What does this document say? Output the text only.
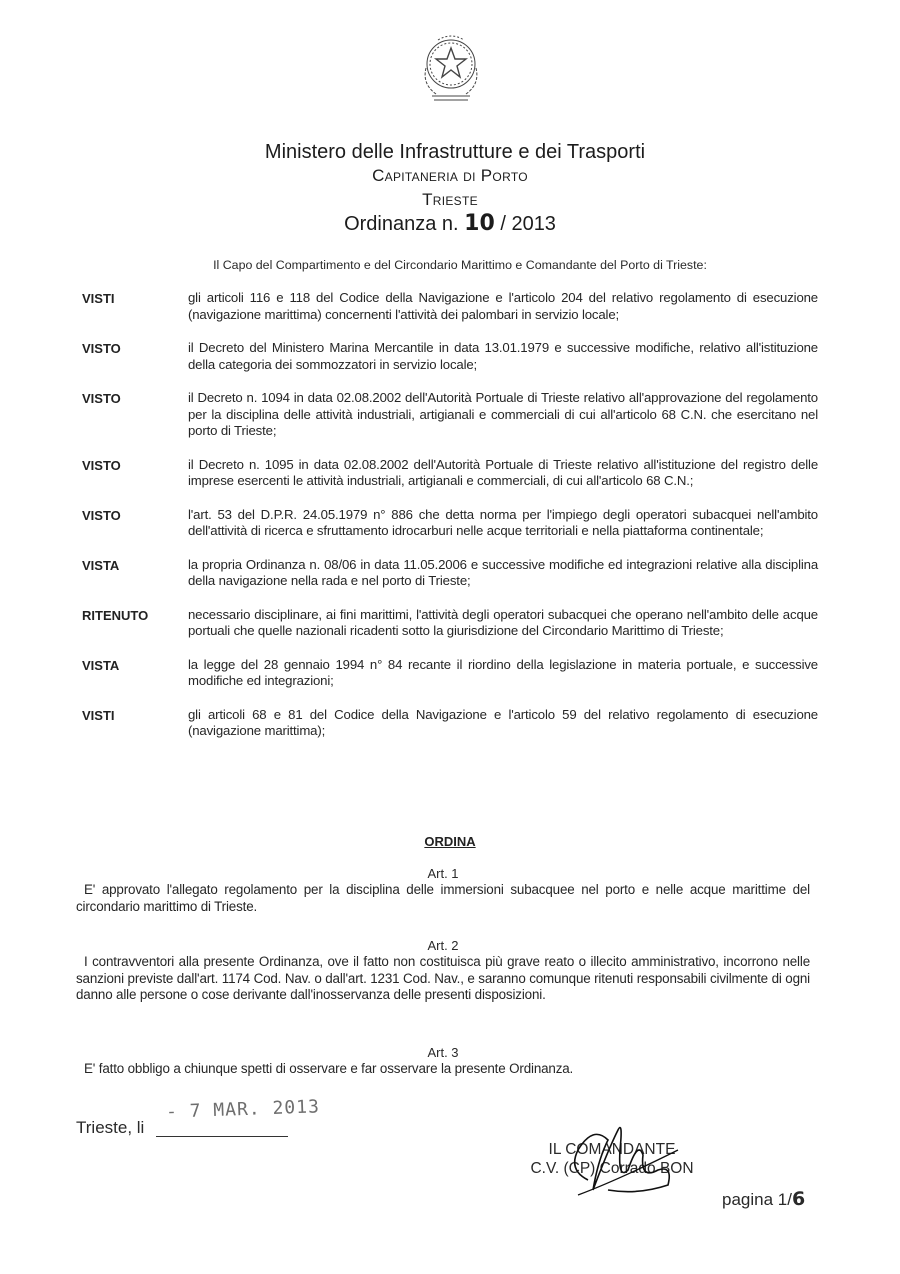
Ministero delle Infrastrutture e dei Trasporti
Capitaneria di Porto
Trieste
Ordinanza n. 10 / 2013
Il Capo del Compartimento e del Circondario Marittimo e Comandante del Porto di Trieste:
VISTI	gli articoli 116 e 118 del Codice della Navigazione e l'articolo 204 del relativo regolamento di esecuzione (navigazione marittima) concernenti l'attività dei palombari in servizio locale;
VISTO	il Decreto del Ministero Marina Mercantile in data 13.01.1979 e successive modifiche, relativo all'istituzione della categoria dei sommozzatori in servizio locale;
VISTO	il Decreto n. 1094 in data 02.08.2002 dell'Autorità Portuale di Trieste relativo all'approvazione del regolamento per la disciplina delle attività industriali, artigianali e commerciali di cui all'articolo 68 C.N. che esercitano nel porto di Trieste;
VISTO	il Decreto n. 1095 in data 02.08.2002 dell'Autorità Portuale di Trieste relativo all'istituzione del registro delle imprese esercenti le attività industriali, artigianali e commerciali, di cui all'articolo 68 C.N.;
VISTO	l'art. 53 del D.P.R. 24.05.1979 n° 886 che detta norma per l'impiego degli operatori subacquei nell'ambito dell'attività di ricerca e sfruttamento idrocarburi nelle acque territoriali e nella piattaforma continentale;
VISTA	la propria Ordinanza n. 08/06 in data 11.05.2006 e successive modifiche ed integrazioni relative alla disciplina della navigazione nella rada e nel porto di Trieste;
RITENUTO	necessario disciplinare, ai fini marittimi, l'attività degli operatori subacquei che operano nell'ambito delle acque portuali che quelle nazionali ricadenti sotto la giurisdizione del Circondario Marittimo di Trieste;
VISTA	la legge del 28 gennaio 1994 n° 84 recante il riordino della legislazione in materia portuale, e successive modifiche ed integrazioni;
VISTI	gli articoli 68 e 81 del Codice della Navigazione e l'articolo 59 del relativo regolamento di esecuzione (navigazione marittima);
ORDINA
Art. 1
E' approvato l'allegato regolamento per la disciplina delle immersioni subacquee nel porto e nelle acque marittime del circondario marittimo di Trieste.
Art. 2
I contravventori alla presente Ordinanza, ove il fatto non costituisca più grave reato o illecito amministrativo, incorrono nelle sanzioni previste dall'art. 1174 Cod. Nav. o dall'art. 1231 Cod. Nav., e saranno comunque ritenuti responsabili civilmente di ogni danno alle persone o cose derivante dall'inosservanza delle presenti disposizioni.
Art. 3
E' fatto obbligo a chiunque spetti di osservare e far osservare la presente Ordinanza.
- 7 MAR. 2013
Trieste, li
IL COMANDANTE
C.V. (CP) Corrado BON
pagina 1/6
